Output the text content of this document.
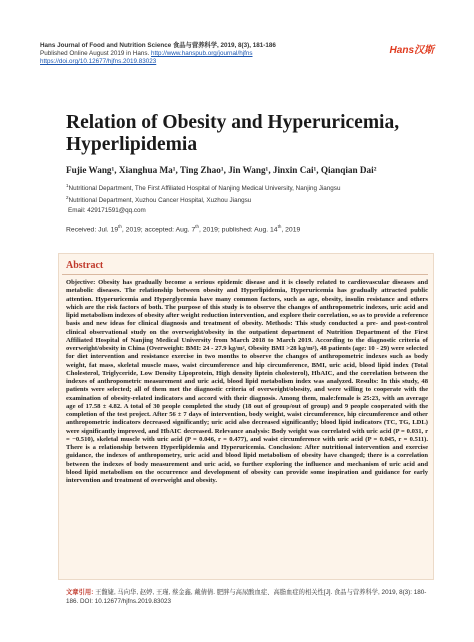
Hans Journal of Food and Nutrition Science 食品与营养科学, 2019, 8(3), 181-186
Published Online August 2019 in Hans. http://www.hanspub.org/journal/hjfns
https://doi.org/10.12677/hjfns.2019.83023
Hans汉斯
Relation of Obesity and Hyperuricemia, Hyperlipidemia
Fujie Wang¹, Xianghua Ma¹, Ting Zhao¹, Jin Wang¹, Jinxin Cai¹, Qianqian Dai²
$^1$Nutritional Department, The First Affiliated Hospital of Nanjing Medical University, Nanjing Jiangsu
$^2$Nutritional Department, Xuzhou Cancer Hospital, Xuzhou Jiangsu
Email: 429171591@qq.com
Received: Jul. 19th, 2019; accepted: Aug. 7th, 2019; published: Aug. 14th, 2019
Abstract
Objective: Obesity has gradually become a serious epidemic disease and it is closely related to cardiovascular diseases and metabolic diseases. The relationship between obesity and Hyperlipidemia, Hyperuricemia has gradually attracted public attention. Hyperuricemia and Hyperglycemia have many common factors, such as age, obesity, insulin resistance and others which are the risk factors of both. The purpose of this study is to observe the changes of anthropometric indexes, uric acid and lipid metabolism indexes of obesity after weight reduction intervention, and explore their correlation, so as to provide a reference basis and new ideas for clinical diagnosis and treatment of obesity. Methods: This study conducted a pre- and post-control clinical observational study on the overweight/obesity in the outpatient department of Nutrition Department of the First Affiliated Hospital of Nanjing Medical University from March 2018 to March 2019. According to the diagnostic criteria of overweight/obesity in China (Overweight: BMI: 24 - 27.9 kg/m², Obesity BMI >28 kg/m²), 48 patients (age: 10 - 29) were selected for diet intervention and resistance exercise in two months to observe the changes of anthropometric indexes such as body weight, fat mass, skeletal muscle mass, waist circumference and hip circumference, BMI, uric acid, blood lipid index (Total Cholesterol, Triglyceride, Low Density Lipoprotein, High density liptein cholesterol), HbAIC, and the correlation between the indexes of anthropometric measurement and uric acid, blood lipid metabolism index was analyzed. Results: In this study, 48 patients were selected; all of them met the diagnostic criteria of overweight/obesity, and were willing to cooperate with the examination of obesity-related indicators and accord with their diagnosis. Among them, male:female is 25:23, with an average age of 17.58 ± 4.82. A total of 30 people completed the study (18 out of group/out of group) and 9 people cooperated with the completion of the test project. After 56 ± 7 days of intervention, body weight, waist circumference, hip circumference and other anthropometric indicators decreased significantly; uric acid also decreased significantly; blood lipid indicators (TC, TG, LDL) were significantly improved, and HbAIC decreased. Relevance analysis: Body weight was correlated with uric acid (P = 0.031, r = −0.510), skeletal muscle with uric acid (P = 0.046, r = 0.477), and waist circumference with uric acid (P = 0.045, r = 0.511). There is a relationship between Hyperlipidemia and Hyperuricemia. Conclusion: After nutritional intervention and exercise guidance, the indexes of anthropometry, uric acid and blood lipid metabolism of obesity have changed; there is a correlation between the indexes of body measurement and uric acid, so further exploring the influence and mechanism of uric acid and blood lipid metabolism on the occurrence and development of obesity can provide some inspiration and guidance for early intervention and treatment of overweight and obesity.
文章引用: 王馥婕, 马向华, 赵婷, 王瑾, 蔡金鑫, 戴倩倩. 肥胖与高尿酸血症、高脂血症的相关性[J]. 食品与营养科学, 2019, 8(3): 180-186. DOI: 10.12677/hjfns.2019.83023
